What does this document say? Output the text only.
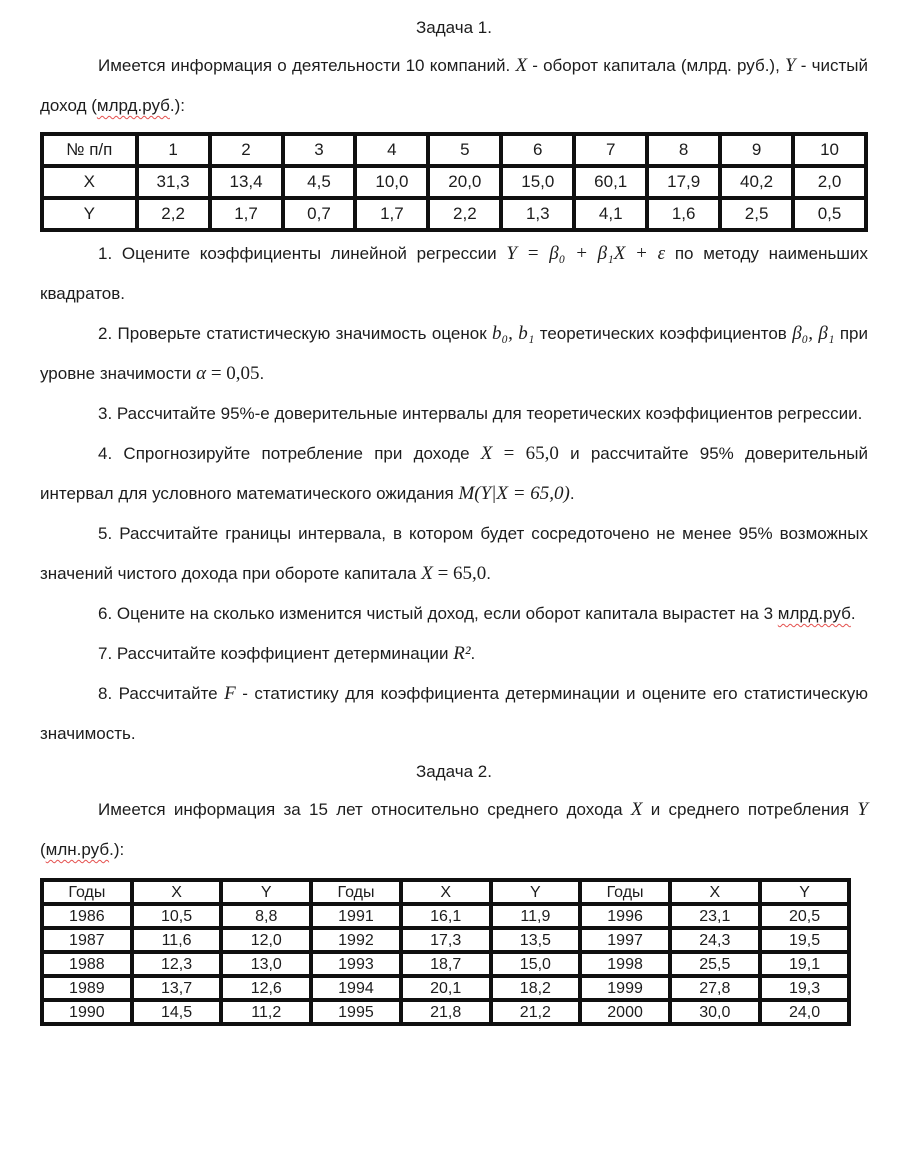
Задача 1.

Имеется информация о деятельности 10 компаний. X - оборот капитала (млрд. руб.), Y - чистый доход (млрд.руб.):

№ п/п	1	2	3	4	5	6	7	8	9	10
X	31,3	13,4	4,5	10,0	20,0	15,0	60,1	17,9	40,2	2,0
Y	2,2	1,7	0,7	1,7	2,2	1,3	4,1	1,6	2,5	0,5

1. Оцените коэффициенты линейной регрессии Y = β₀ + β₁X + ε по методу наименьших квадратов.

2. Проверьте статистическую значимость оценок b₀, b₁ теоретических коэффициентов β₀, β₁ при уровне значимости α = 0,05.

3. Рассчитайте 95%-е доверительные интервалы для теоретических коэффициентов регрессии.

4. Спрогнозируйте потребление при доходе X = 65,0 и рассчитайте 95% доверительный интервал для условного математического ожидания M(Y|X = 65,0).

5. Рассчитайте границы интервала, в котором будет сосредоточено не менее 95% возможных значений чистого дохода при обороте капитала X = 65,0.

6. Оцените на сколько изменится чистый доход, если оборот капитала вырастет на 3 млрд.руб.

7. Рассчитайте коэффициент детерминации R².

8. Рассчитайте F - статистику для коэффициента детерминации и оцените его статистическую значимость.

Задача 2.

Имеется информация за 15 лет относительно среднего дохода X и среднего потребления Y (млн.руб.):

Годы	X	Y	Годы	X	Y	Годы	X	Y
1986	10,5	8,8	1991	16,1	11,9	1996	23,1	20,5
1987	11,6	12,0	1992	17,3	13,5	1997	24,3	19,5
1988	12,3	13,0	1993	18,7	15,0	1998	25,5	19,1
1989	13,7	12,6	1994	20,1	18,2	1999	27,8	19,3
1990	14,5	11,2	1995	21,8	21,2	2000	30,0	24,0
